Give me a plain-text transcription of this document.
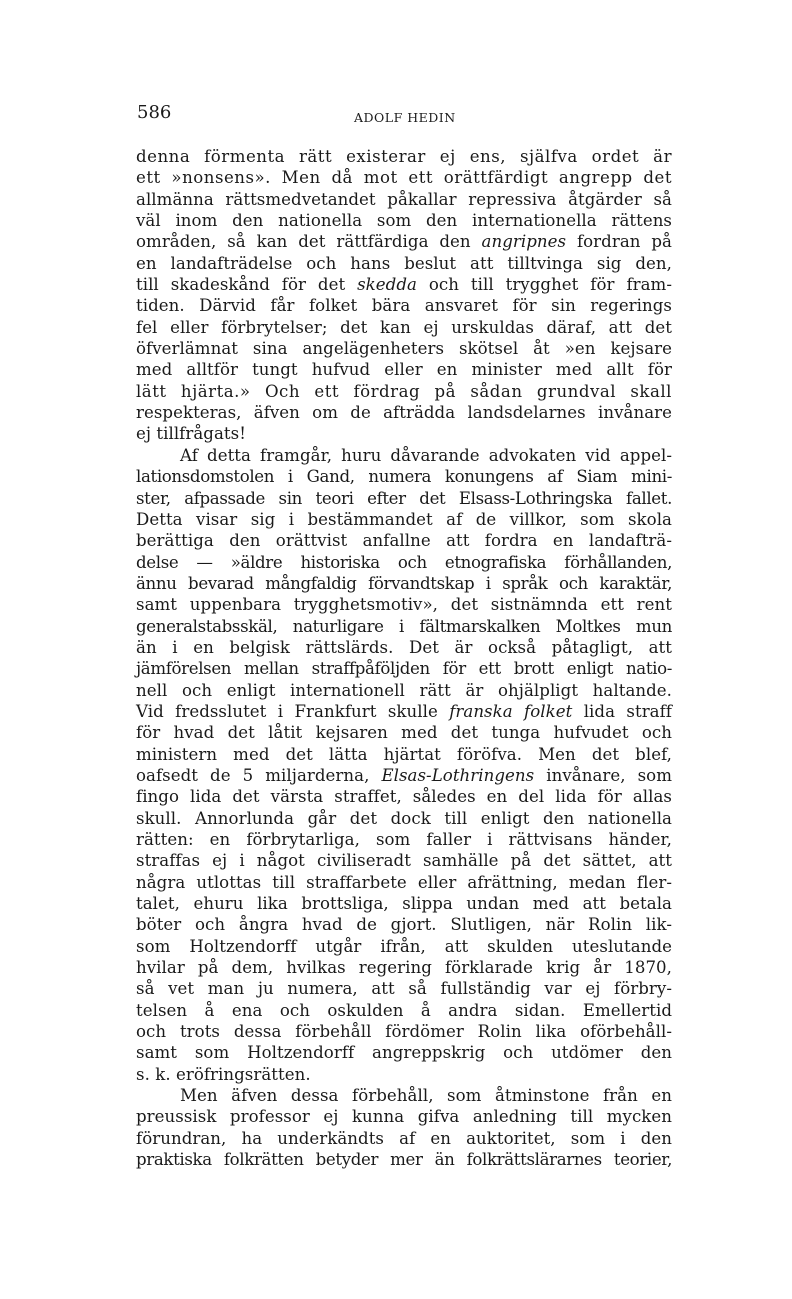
586	ADOLF HEDIN
denna förmenta rätt existerar ej ens, själfva ordet är
ett »nonsens». Men då mot ett orättfärdigt angrepp det
allmänna rättsmedvetandet påkallar repressiva åtgärder så
väl inom den nationella som den internationella rättens
områden, så kan det rättfärdiga den angripnes fordran på
en landafträdelse och hans beslut att tilltvinga sig den,
till skadeskånd för det skedda och till trygghet för fram-
tiden. Därvid får folket bära ansvaret för sin regerings
fel eller förbrytelser; det kan ej urskuldas däraf, att det
öfverlämnat sina angelägenheters skötsel åt »en kejsare
med alltför tungt hufvud eller en minister med allt för
lätt hjärta.» Och ett fördrag på sådan grundval skall
respekteras, äfven om de afträdda landsdelarnes invånare
ej tillfrågats!
Af detta framgår, huru dåvarande advokaten vid appel-
lationsdomstolen i Gand, numera konungens af Siam mini-
ster, afpassade sin teori efter det Elsass-Lothringska fallet.
Detta visar sig i bestämmandet af de villkor, som skola
berättiga den orättvist anfallne att fordra en landafträ-
delse — »äldre historiska och etnografiska förhållanden,
ännu bevarad mångfaldig förvandtskap i språk och karaktär,
samt uppenbara trygghetsmotiv», det sistnämnda ett rent
generalstabsskäl, naturligare i fältmarskalken Moltkes mun
än i en belgisk rättslärds. Det är också påtagligt, att
jämförelsen mellan straffpåföljden för ett brott enligt natio-
nell och enligt internationell rätt är ohjälpligt haltande.
Vid fredsslutet i Frankfurt skulle franska folket lida straff
för hvad det låtit kejsaren med det tunga hufvudet och
ministern med det lätta hjärtat föröfva. Men det blef,
oafsedt de 5 miljarderna, Elsas-Lothringens invånare, som
fingo lida det värsta straffet, således en del lida för allas
skull. Annorlunda går det dock till enligt den nationella
rätten: en förbrytarliga, som faller i rättvisans händer,
straffas ej i något civiliseradt samhälle på det sättet, att
några utlottas till straffarbete eller afrättning, medan fler-
talet, ehuru lika brottsliga, slippa undan med att betala
böter och ångra hvad de gjort. Slutligen, när Rolin lik-
som Holtzendorff utgår ifrån, att skulden uteslutande
hvilar på dem, hvilkas regering förklarade krig år 1870,
så vet man ju numera, att så fullständig var ej förbry-
telsen å ena och oskulden å andra sidan. Emellertid
och trots dessa förbehåll fördömer Rolin lika oförbehåll-
samt som Holtzendorff angreppskrig och utdömer den
s. k. eröfringsrätten.
Men äfven dessa förbehåll, som åtminstone från en
preussisk professor ej kunna gifva anledning till mycken
förundran, ha underkändts af en auktoritet, som i den
praktiska folkrätten betyder mer än folkrättslärarnes teorier,
